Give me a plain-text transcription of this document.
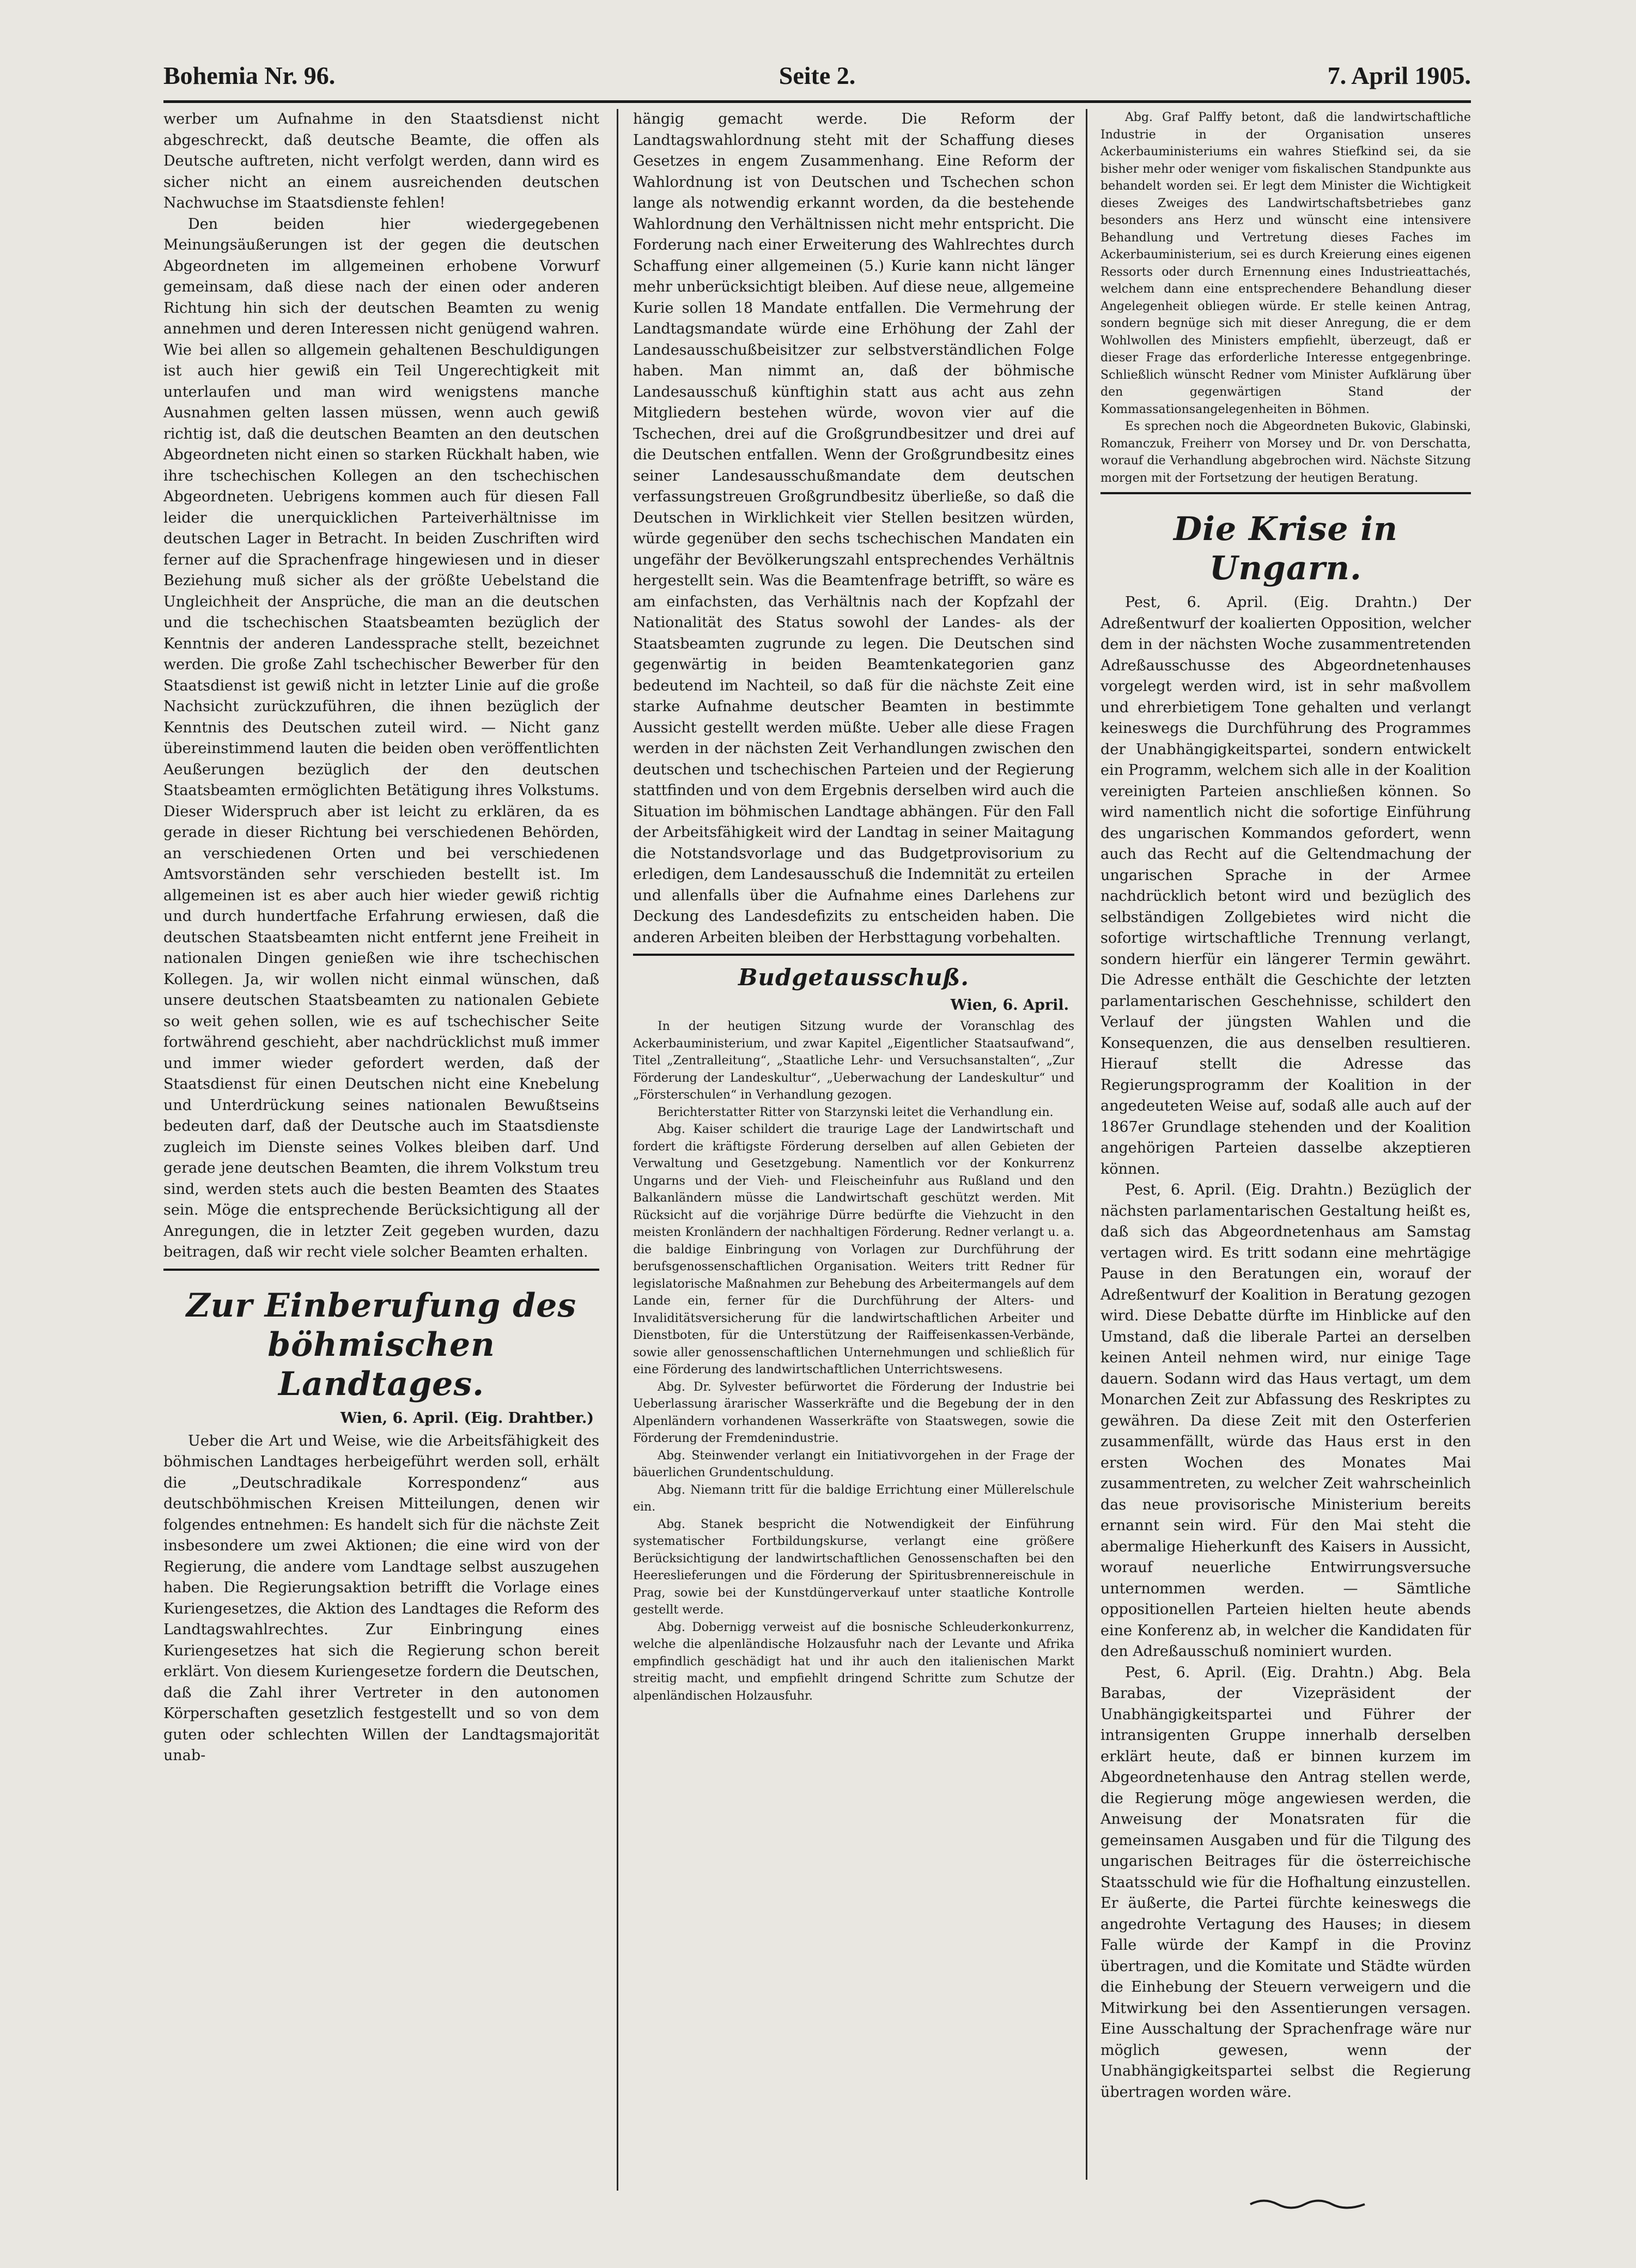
Bohemia Nr. 96.	Seite 2.	7. April 1905.

werber um Aufnahme in den Staatsdienst nicht abgeschreckt, daß deutsche Beamte, die offen als Deutsche auftreten, nicht verfolgt werden, dann wird es sicher nicht an einem ausreichenden deutschen Nachwuchse im Staatsdienste fehlen!

Den beiden hier wiedergegebenen Meinungsäußerungen ist der gegen die deutschen Abgeordneten im allgemeinen erhobene Vorwurf gemeinsam, daß diese nach der einen oder anderen Richtung hin sich der deutschen Beamten zu wenig annehmen und deren Interessen nicht genügend wahren. Wie bei allen so allgemein gehaltenen Beschuldigungen ist auch hier gewiß ein Teil Ungerechtigkeit mit unterlaufen und man wird wenigstens manche Ausnahmen gelten lassen müssen, wenn auch gewiß richtig ist, daß die deutschen Beamten an den deutschen Abgeordneten nicht einen so starken Rückhalt haben, wie ihre tschechischen Kollegen an den tschechischen Abgeordneten. Uebrigens kommen auch für diesen Fall leider die unerquicklichen Parteiverhältnisse im deutschen Lager in Betracht. In beiden Zuschriften wird ferner auf die Sprachenfrage hingewiesen und in dieser Beziehung muß sicher als der größte Uebelstand die Ungleichheit der Ansprüche, die man an die deutschen und die tschechischen Staatsbeamten bezüglich der Kenntnis der anderen Landessprache stellt, bezeichnet werden. Die große Zahl tschechischer Bewerber für den Staatsdienst ist gewiß nicht in letzter Linie auf die große Nachsicht zurückzuführen, die ihnen bezüglich der Kenntnis des Deutschen zuteil wird. — Nicht ganz übereinstimmend lauten die beiden oben veröffentlichten Aeußerungen bezüglich der den deutschen Staatsbeamten ermöglichten Betätigung ihres Volkstums. Dieser Widerspruch aber ist leicht zu erklären, da es gerade in dieser Richtung bei verschiedenen Behörden, an verschiedenen Orten und bei verschiedenen Amtsvorständen sehr verschieden bestellt ist. Im allgemeinen ist es aber auch hier wieder gewiß richtig und durch hundertfache Erfahrung erwiesen, daß die deutschen Staatsbeamten nicht entfernt jene Freiheit in nationalen Dingen genießen wie ihre tschechischen Kollegen. Ja, wir wollen nicht einmal wünschen, daß unsere deutschen Staatsbeamten zu nationalen Gebiete so weit gehen sollen, wie es auf tschechischer Seite fortwährend geschieht, aber nachdrücklichst muß immer und immer wieder gefordert werden, daß der Staatsdienst für einen Deutschen nicht eine Knebelung und Unterdrückung seines nationalen Bewußtseins bedeuten darf, daß der Deutsche auch im Staatsdienste zugleich im Dienste seines Volkes bleiben darf. Und gerade jene deutschen Beamten, die ihrem Volkstum treu sind, werden stets auch die besten Beamten des Staates sein. Möge die entsprechende Berücksichtigung all der Anregungen, die in letzter Zeit gegeben wurden, dazu beitragen, daß wir recht viele solcher Beamten erhalten.

Zur Einberufung des böhmischen Landtages.
Wien, 6. April. (Eig. Drahtber.)

Ueber die Art und Weise, wie die Arbeitsfähigkeit des böhmischen Landtages herbeigeführt werden soll, erhält die „Deutschradikale Korrespondenz“ aus deutschböhmischen Kreisen Mitteilungen, denen wir folgendes entnehmen: Es handelt sich für die nächste Zeit insbesondere um zwei Aktionen; die eine wird von der Regierung, die andere vom Landtage selbst auszugehen haben. Die Regierungsaktion betrifft die Vorlage eines Kuriengesetzes, die Aktion des Landtages die Reform des Landtagswahlrechtes. Zur Einbringung eines Kuriengesetzes hat sich die Regierung schon bereit erklärt. Von diesem Kuriengesetze fordern die Deutschen, daß die Zahl ihrer Vertreter in den autonomen Körperschaften gesetzlich festgestellt und so von dem guten oder schlechten Willen der Landtagsmajorität unab-

hängig gemacht werde. Die Reform der Landtagswahlordnung steht mit der Schaffung dieses Gesetzes in engem Zusammenhang. Eine Reform der Wahlordnung ist von Deutschen und Tschechen schon lange als notwendig erkannt worden, da die bestehende Wahlordnung den Verhältnissen nicht mehr entspricht. Die Forderung nach einer Erweiterung des Wahlrechtes durch Schaffung einer allgemeinen (5.) Kurie kann nicht länger mehr unberücksichtigt bleiben. Auf diese neue, allgemeine Kurie sollen 18 Mandate entfallen. Die Vermehrung der Landtagsmandate würde eine Erhöhung der Zahl der Landesausschußbeisitzer zur selbstverständlichen Folge haben. Man nimmt an, daß der böhmische Landesausschuß künftighin statt aus acht aus zehn Mitgliedern bestehen würde, wovon vier auf die Tschechen, drei auf die Großgrundbesitzer und drei auf die Deutschen entfallen. Wenn der Großgrundbesitz eines seiner Landesausschußmandate dem deutschen verfassungstreuen Großgrundbesitz überließe, so daß die Deutschen in Wirklichkeit vier Stellen besitzen würden, würde gegenüber den sechs tschechischen Mandaten ein ungefähr der Bevölkerungszahl entsprechendes Verhältnis hergestellt sein. Was die Beamtenfrage betrifft, so wäre es am einfachsten, das Verhältnis nach der Kopfzahl der Nationalität des Status sowohl der Landes- als der Staatsbeamten zugrunde zu legen. Die Deutschen sind gegenwärtig in beiden Beamtenkategorien ganz bedeutend im Nachteil, so daß für die nächste Zeit eine starke Aufnahme deutscher Beamten in bestimmte Aussicht gestellt werden müßte. Ueber alle diese Fragen werden in der nächsten Zeit Verhandlungen zwischen den deutschen und tschechischen Parteien und der Regierung stattfinden und von dem Ergebnis derselben wird auch die Situation im böhmischen Landtage abhängen. Für den Fall der Arbeitsfähigkeit wird der Landtag in seiner Maitagung die Notstandsvorlage und das Budgetprovisorium zu erledigen, dem Landesausschuß die Indemnität zu erteilen und allenfalls über die Aufnahme eines Darlehens zur Deckung des Landesdefizits zu entscheiden haben. Die anderen Arbeiten bleiben der Herbsttagung vorbehalten.

Budgetausschuß.
Wien, 6. April.

In der heutigen Sitzung wurde der Voranschlag des Ackerbauministerium, und zwar Kapitel „Eigentlicher Staatsaufwand“, Titel „Zentralleitung“, „Staatliche Lehr- und Versuchsanstalten“, „Zur Förderung der Landeskultur“, „Ueberwachung der Landeskultur“ und „Försterschulen“ in Verhandlung gezogen.

Berichterstatter Ritter von Starzynski leitet die Verhandlung ein.

Abg. Kaiser schildert die traurige Lage der Landwirtschaft und fordert die kräftigste Förderung derselben auf allen Gebieten der Verwaltung und Gesetzgebung. Namentlich vor der Konkurrenz Ungarns und der Vieh- und Fleischeinfuhr aus Rußland und den Balkanländern müsse die Landwirtschaft geschützt werden. Mit Rücksicht auf die vorjährige Dürre bedürfte die Viehzucht in den meisten Kronländern der nachhaltigen Förderung. Redner verlangt u. a. die baldige Einbringung von Vorlagen zur Durchführung der berufsgenossenschaftlichen Organisation. Weiters tritt Redner für legislatorische Maßnahmen zur Behebung des Arbeitermangels auf dem Lande ein, ferner für die Durchführung der Alters- und Invaliditätsversicherung für die landwirtschaftlichen Arbeiter und Dienstboten, für die Unterstützung der Raiffeisenkassen-Verbände, sowie aller genossenschaftlichen Unternehmungen und schließlich für eine Förderung des landwirtschaftlichen Unterrichtswesens.

Abg. Dr. Sylvester befürwortet die Förderung der Industrie bei Ueberlassung ärarischer Wasserkräfte und die Begebung der in den Alpenländern vorhandenen Wasserkräfte von Staatswegen, sowie die Förderung der Fremdenindustrie.

Abg. Steinwender verlangt ein Initiativvorgehen in der Frage der bäuerlichen Grundentschuldung.

Abg. Niemann tritt für die baldige Errichtung einer Müllerelschule ein.

Abg. Stanek bespricht die Notwendigkeit der Einführung systematischer Fortbildungskurse, verlangt eine größere Berücksichtigung der landwirtschaftlichen Genossenschaften bei den Heereslieferungen und die Förderung der Spiritusbrennereischule in Prag, sowie bei der Kunstdüngerverkauf unter staatliche Kontrolle gestellt werde.

Abg. Dobernigg verweist auf die bosnische Schleuderkonkurrenz, welche die alpenländische Holzausfuhr nach der Levante und Afrika empfindlich geschädigt hat und ihr auch den italienischen Markt streitig macht, und empfiehlt dringend Schritte zum Schutze der alpenländischen Holzausfuhr.

Abg. Graf Palffy betont, daß die landwirtschaftliche Industrie in der Organisation unseres Ackerbauministeriums ein wahres Stiefkind sei, da sie bisher mehr oder weniger vom fiskalischen Standpunkte aus behandelt worden sei. Er legt dem Minister die Wichtigkeit dieses Zweiges des Landwirtschaftsbetriebes ganz besonders ans Herz und wünscht eine intensivere Behandlung und Vertretung dieses Faches im Ackerbauministerium, sei es durch Kreierung eines eigenen Ressorts oder durch Ernennung eines Industrieattachés, welchem dann eine entsprechendere Behandlung dieser Angelegenheit obliegen würde. Er stelle keinen Antrag, sondern begnüge sich mit dieser Anregung, die er dem Wohlwollen des Ministers empfiehlt, überzeugt, daß er dieser Frage das erforderliche Interesse entgegenbringe. Schließlich wünscht Redner vom Minister Aufklärung über den gegenwärtigen Stand der Kommassationsangelegenheiten in Böhmen.

Es sprechen noch die Abgeordneten Bukovic, Glabinski, Romanczuk, Freiherr von Morsey und Dr. von Derschatta, worauf die Verhandlung abgebrochen wird. Nächste Sitzung morgen mit der Fortsetzung der heutigen Beratung.

Die Krise in Ungarn.

Pest, 6. April. (Eig. Drahtn.) Der Adreßentwurf der koalierten Opposition, welcher dem in der nächsten Woche zusammentretenden Adreßausschusse des Abgeordnetenhauses vorgelegt werden wird, ist in sehr maßvollem und ehrerbietigem Tone gehalten und verlangt keineswegs die Durchführung des Programmes der Unabhängigkeitspartei, sondern entwickelt ein Programm, welchem sich alle in der Koalition vereinigten Parteien anschließen können. So wird namentlich nicht die sofortige Einführung des ungarischen Kommandos gefordert, wenn auch das Recht auf die Geltendmachung der ungarischen Sprache in der Armee nachdrücklich betont wird und bezüglich des selbständigen Zollgebietes wird nicht die sofortige wirtschaftliche Trennung verlangt, sondern hierfür ein längerer Termin gewährt. Die Adresse enthält die Geschichte der letzten parlamentarischen Geschehnisse, schildert den Verlauf der jüngsten Wahlen und die Konsequenzen, die aus denselben resultieren. Hierauf stellt die Adresse das Regierungsprogramm der Koalition in der angedeuteten Weise auf, sodaß alle auch auf der 1867er Grundlage stehenden und der Koalition angehörigen Parteien dasselbe akzeptieren können.

Pest, 6. April. (Eig. Drahtn.) Bezüglich der nächsten parlamentarischen Gestaltung heißt es, daß sich das Abgeordnetenhaus am Samstag vertagen wird. Es tritt sodann eine mehrtägige Pause in den Beratungen ein, worauf der Adreßentwurf der Koalition in Beratung gezogen wird. Diese Debatte dürfte im Hinblicke auf den Umstand, daß die liberale Partei an derselben keinen Anteil nehmen wird, nur einige Tage dauern. Sodann wird das Haus vertagt, um dem Monarchen Zeit zur Abfassung des Reskriptes zu gewähren. Da diese Zeit mit den Osterferien zusammenfällt, würde das Haus erst in den ersten Wochen des Monates Mai zusammentreten, zu welcher Zeit wahrscheinlich das neue provisorische Ministerium bereits ernannt sein wird. Für den Mai steht die abermalige Hieherkunft des Kaisers in Aussicht, worauf neuerliche Entwirrungsversuche unternommen werden. — Sämtliche oppositionellen Parteien hielten heute abends eine Konferenz ab, in welcher die Kandidaten für den Adreßausschuß nominiert wurden.

Pest, 6. April. (Eig. Drahtn.) Abg. Bela Barabas, der Vizepräsident der Unabhängigkeitspartei und Führer der intransigenten Gruppe innerhalb derselben erklärt heute, daß er binnen kurzem im Abgeordnetenhause den Antrag stellen werde, die Regierung möge angewiesen werden, die Anweisung der Monatsraten für die gemeinsamen Ausgaben und für die Tilgung des ungarischen Beitrages für die österreichische Staatsschuld wie für die Hofhaltung einzustellen. Er äußerte, die Partei fürchte keineswegs die angedrohte Vertagung des Hauses; in diesem Falle würde der Kampf in die Provinz übertragen, und die Komitate und Städte würden die Einhebung der Steuern verweigern und die Mitwirkung bei den Assentierungen versagen. Eine Ausschaltung der Sprachenfrage wäre nur möglich gewesen, wenn der Unabhängigkeitspartei selbst die Regierung übertragen worden wäre.
